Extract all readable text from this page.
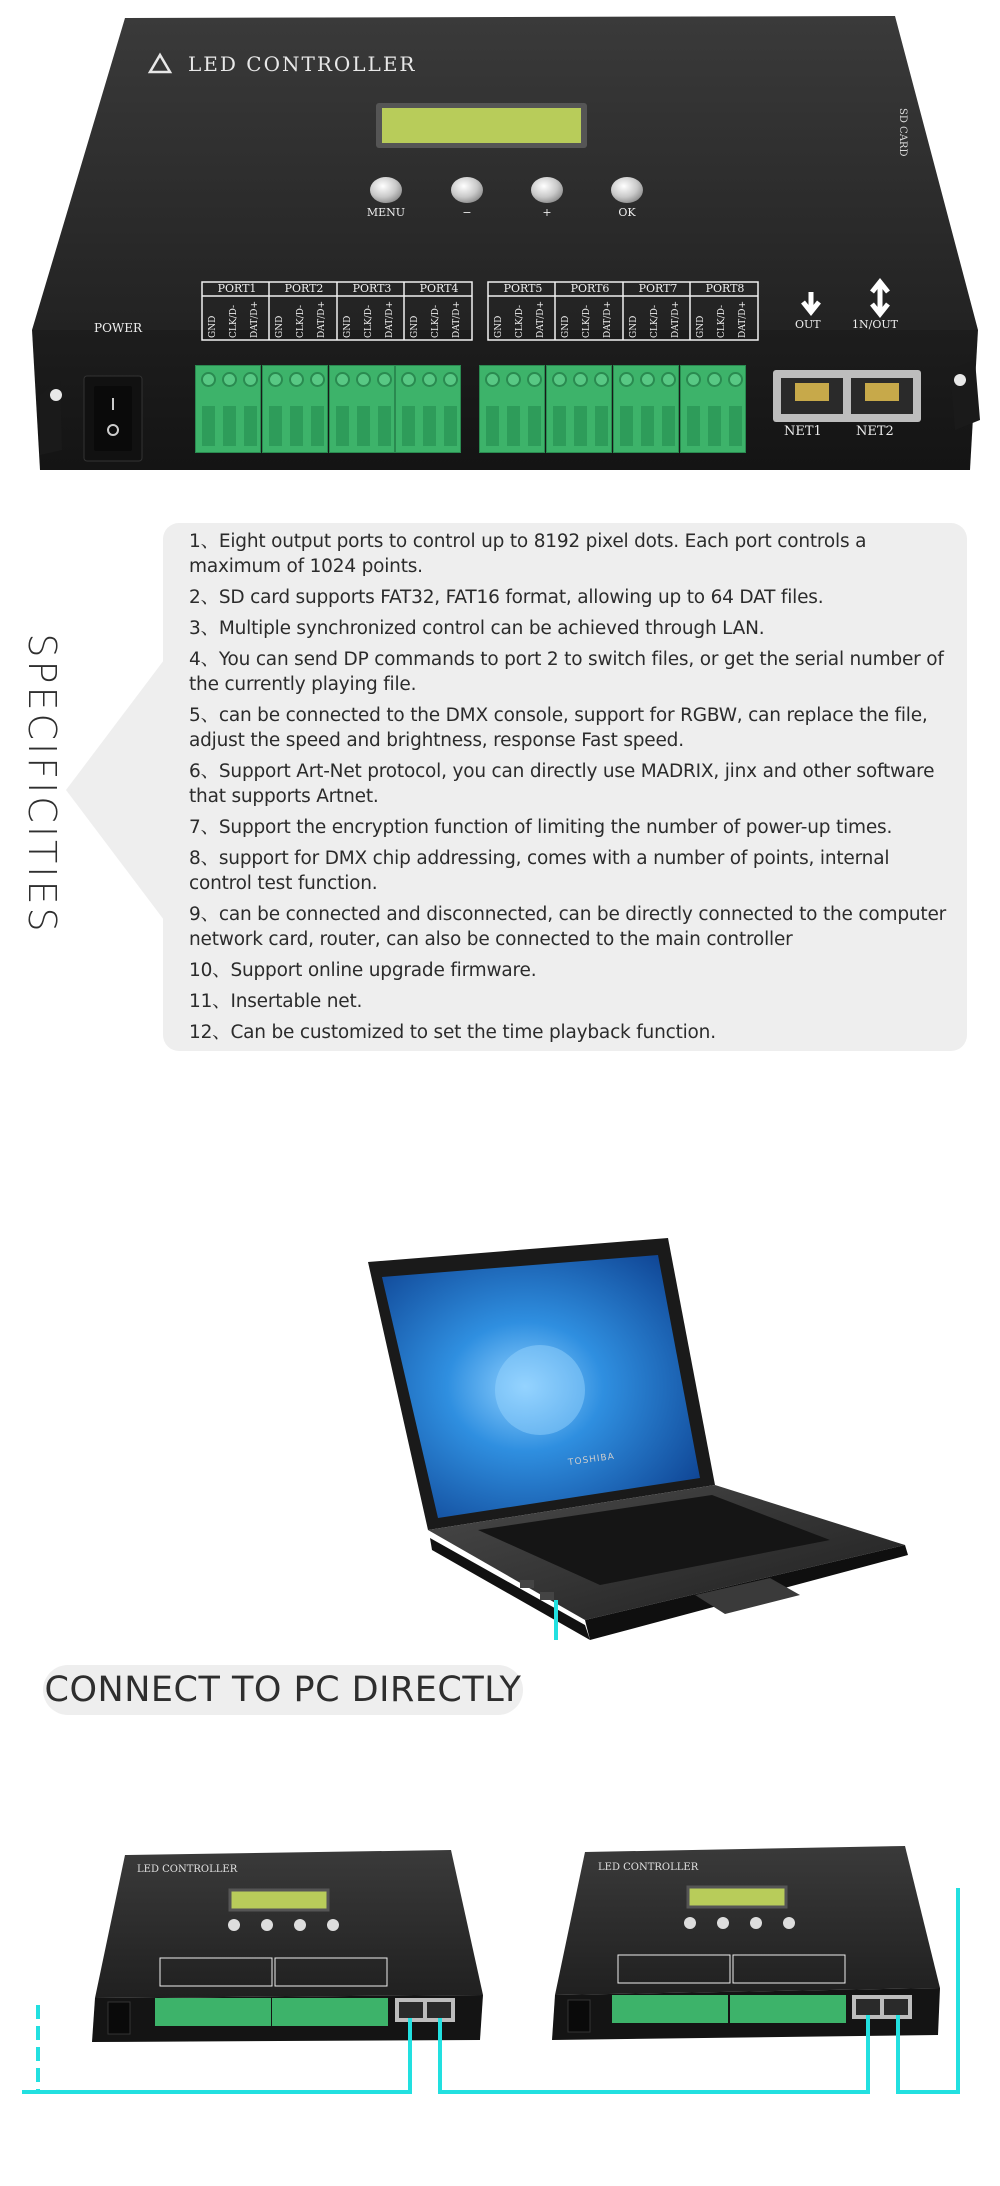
LED CONTROLLER
SD CARD
MENU	−	+	OK
POWER
PORT1	PORT2	PORT3	PORT4	PORT5	PORT6	PORT7	PORT8
GND	CLK/D-	DAT/D+	GND	CLK/D-	DAT/D+	GND	CLK/D-	DAT/D+	GND	CLK/D-	DAT/D+	GND	CLK/D-	DAT/D+	GND	CLK/D-	DAT/D+	GND	CLK/D-	DAT/D+	GND	CLK/D-	DAT/D+	OUT	1N/OUT
NET1	NET2
SPECIFICITIES
1、Eight output ports to control up to 8192 pixel dots. Each port controls a maximum of 1024 points.
2、SD card supports FAT32, FAT16 format, allowing up to 64 DAT files.
3、Multiple synchronized control can be achieved through LAN.
4、You can send DP commands to port 2 to switch files, or get the serial number of the currently playing file.
5、can be connected to the DMX console, support for RGBW, can replace the file, adjust the speed and brightness, response Fast speed.
6、Support Art-Net protocol, you can directly use MADRIX, jinx and other software that supports Artnet.
7、Support the encryption function of limiting the number of power-up times.
8、support for DMX chip addressing, comes with a number of points, internal control test function.
9、can be connected and disconnected, can be directly connected to the computer network card, router, can also be connected to the main controller
10、Support online upgrade firmware.
11、Insertable net.
12、Can be customized to set the time playback function.
TOSHIBA
CONNECT TO PC DIRECTLY
LED CONTROLLER	LED CONTROLLER
